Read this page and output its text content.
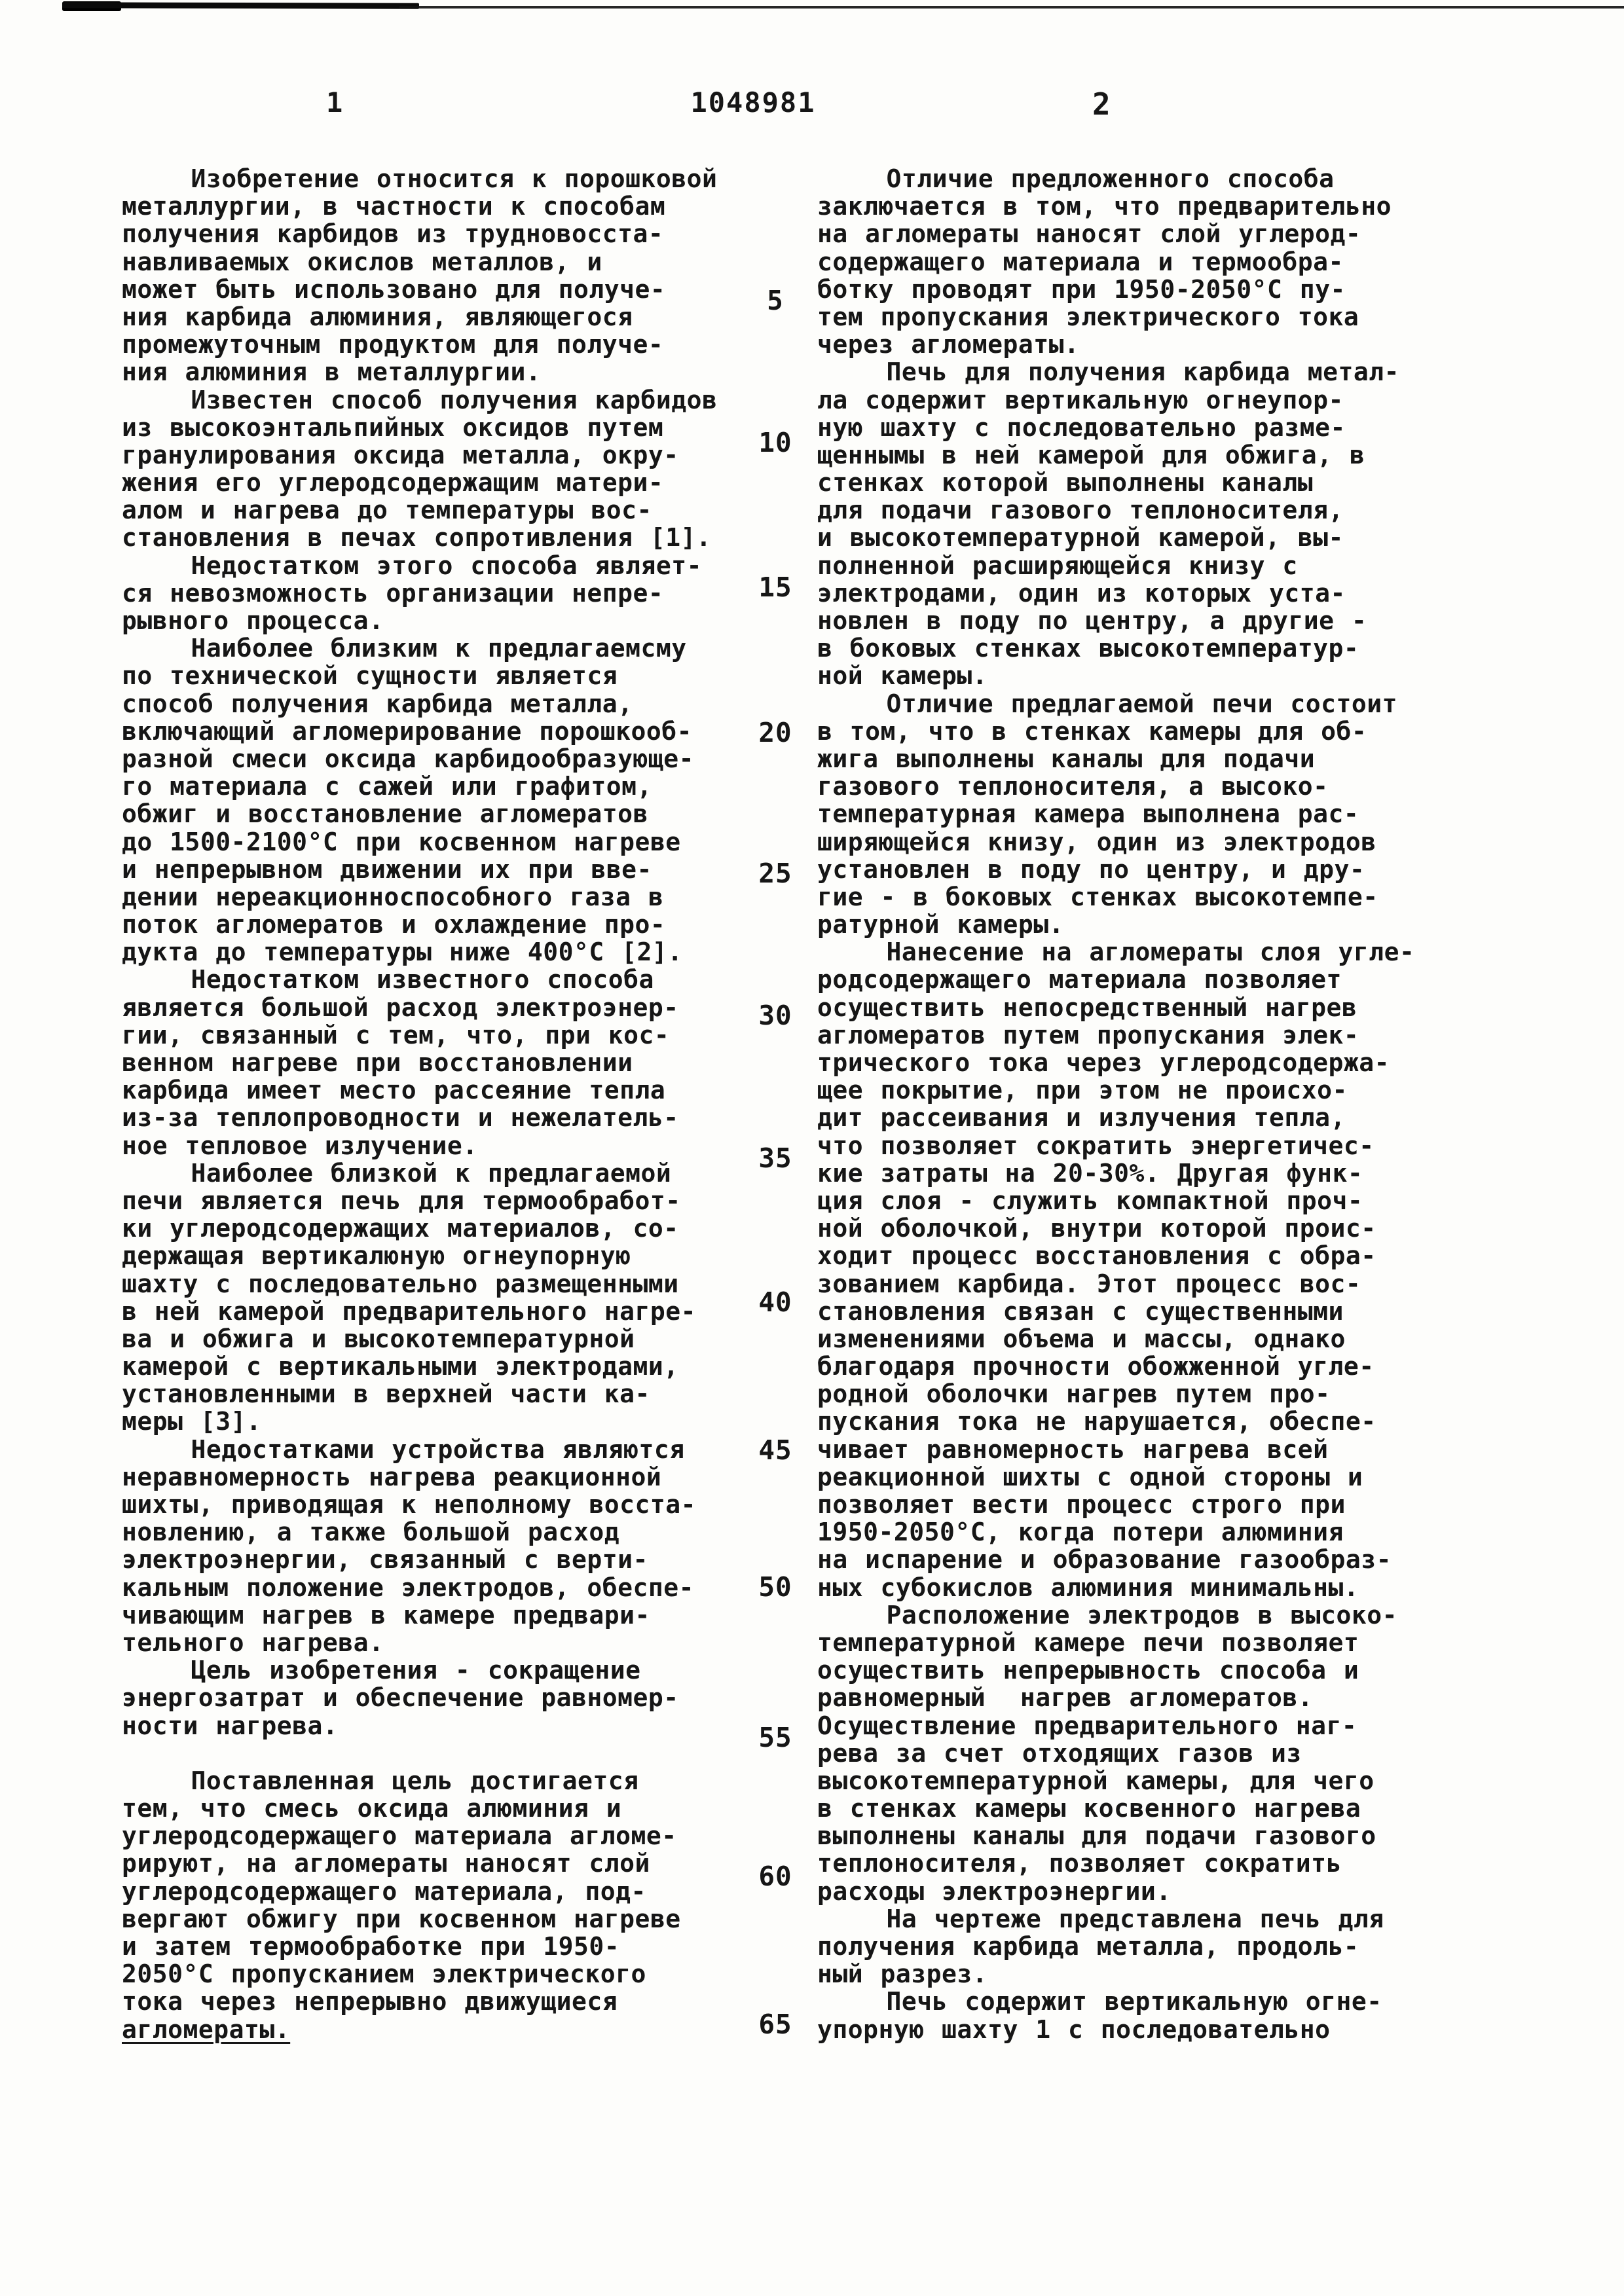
1	1048981	2
Изобретение относится к порошковой
металлургии, в частности к способам
получения карбидов из трудновосста-
навливаемых окислов металлов, и
может быть использовано для получе-
ния карбида алюминия, являющегося
промежуточным продуктом для получе-
ния алюминия в металлургии.
Известен способ получения карбидов
из высокоэнтальпийных оксидов путем
гранулирования оксида металла, окру-
жения его углеродсодержащим матери-
алом и нагрева до температуры вос-
становления в печах сопротивления [1].
Недостатком этого способа являет-
ся невозможность организации непре-
рывного процесса.
Наиболее близким к предлагаемсму
по технической сущности является
способ получения карбида металла,
включающий агломерирование порошкооб-
разной смеси оксида карбидообразующе-
го материала с сажей или графитом,
обжиг и восстановление агломератов
до 1500-2100°С при косвенном нагреве
и непрерывном движении их при вве-
дении нереакционноспособного газа в
поток агломератов и охлаждение про-
дукта до температуры ниже 400°С [2].
Недостатком известного способа
является большой расход электроэнер-
гии, связанный с тем, что, при кос-
венном нагреве при восстановлении
карбида имеет место рассеяние тепла
из-за теплопроводности и нежелатель-
ное тепловое излучение.
Наиболее близкой к предлагаемой
печи является печь для термообработ-
ки углеродсодержащих материалов, со-
держащая вертикалюную огнеупорную
шахту с последовательно размещенными
в ней камерой предварительного нагре-
ва и обжига и высокотемпературной
камерой с вертикальными электродами,
установленными в верхней части ка-
меры [3].
Недостатками устройства являются
неравномерность нагрева реакционной
шихты, приводящая к неполному восста-
новлению, а также большой расход
электроэнергии, связанный с верти-
кальным положение электродов, обеспе-
чивающим нагрев в камере предвари-
тельного нагрева.
Цель изобретения - сокращение
энергозатрат и обеспечение равномер-
ности нагрева.

Поставленная цель достигается
тем, что смесь оксида алюминия и
углеродсодержащего материала агломе-
рируют, на агломераты наносят слой
углеродсодержащего материала, под-
вергают обжигу при косвенном нагреве
и затем термообработке при 1950-
2050°С пропусканием электрического
тока через непрерывно движущиеся
агломераты.
Отличие предложенного способа
заключается в том, что предварительно
на агломераты наносят слой углерод-
содержащего материала и термообра-
ботку проводят при 1950-2050°С пу-
тем пропускания электрического тока
через агломераты.
Печь для получения карбида метал-
ла содержит вертикальную огнеупор-
ную шахту с последовательно разме-
щеннымы в ней камерой для обжига, в
стенках которой выполнены каналы
для подачи газового теплоносителя,
и высокотемпературной камерой, вы-
полненной расширяющейся книзу с
электродами, один из которых уста-
новлен в поду по центру, а другие -
в боковых стенках высокотемператур-
ной камеры.
Отличие предлагаемой печи состоит
в том, что в стенках камеры для об-
жига выполнены каналы для подачи
газового теплоносителя, а высоко-
температурная камера выполнена рас-
ширяющейся книзу, один из электродов
установлен в поду по центру, и дру-
гие - в боковых стенках высокотемпе-
ратурной камеры.
Нанесение на агломераты слоя угле-
родсодержащего материала позволяет
осуществить непосредственный нагрев
агломератов путем пропускания элек-
трического тока через углеродсодержа-
щее покрытие, при этом не происхо-
дит рассеивания и излучения тепла,
что позволяет сократить энергетичес-
кие затраты на 20-30%. Другая функ-
ция слоя - служить компактной проч-
ной оболочкой, внутри которой проис-
ходит процесс восстановления с обра-
зованием карбида. Этот процесс вос-
становления связан с существенными
изменениями объема и массы, однако
благодаря прочности обожженной угле-
родной оболочки нагрев путем про-
пускания тока не нарушается, обеспе-
чивает равномерность нагрева всей
реакционной шихты с одной стороны и
позволяет вести процесс строго при
1950-2050°С, когда потери алюминия
на испарение и образование газообраз-
ных субокислов алюминия минимальны.
Расположение электродов в высоко-
температурной камере печи позволяет
осуществить непрерывность способа и
равномерный  нагрев агломератов.
Осуществление предварительного наг-
рева за счет отходящих газов из
высокотемпературной камеры, для чего
в стенках камеры косвенного нагрева
выполнены каналы для подачи газового
теплоносителя, позволяет сократить
расходы электроэнергии.
На чертеже представлена печь для
получения карбида металла, продоль-
ный разрез.
Печь содержит вертикальную огне-
упорную шахту 1 с последовательно
5
10
15
20
25
30
35
40
45
50
55
60
65
